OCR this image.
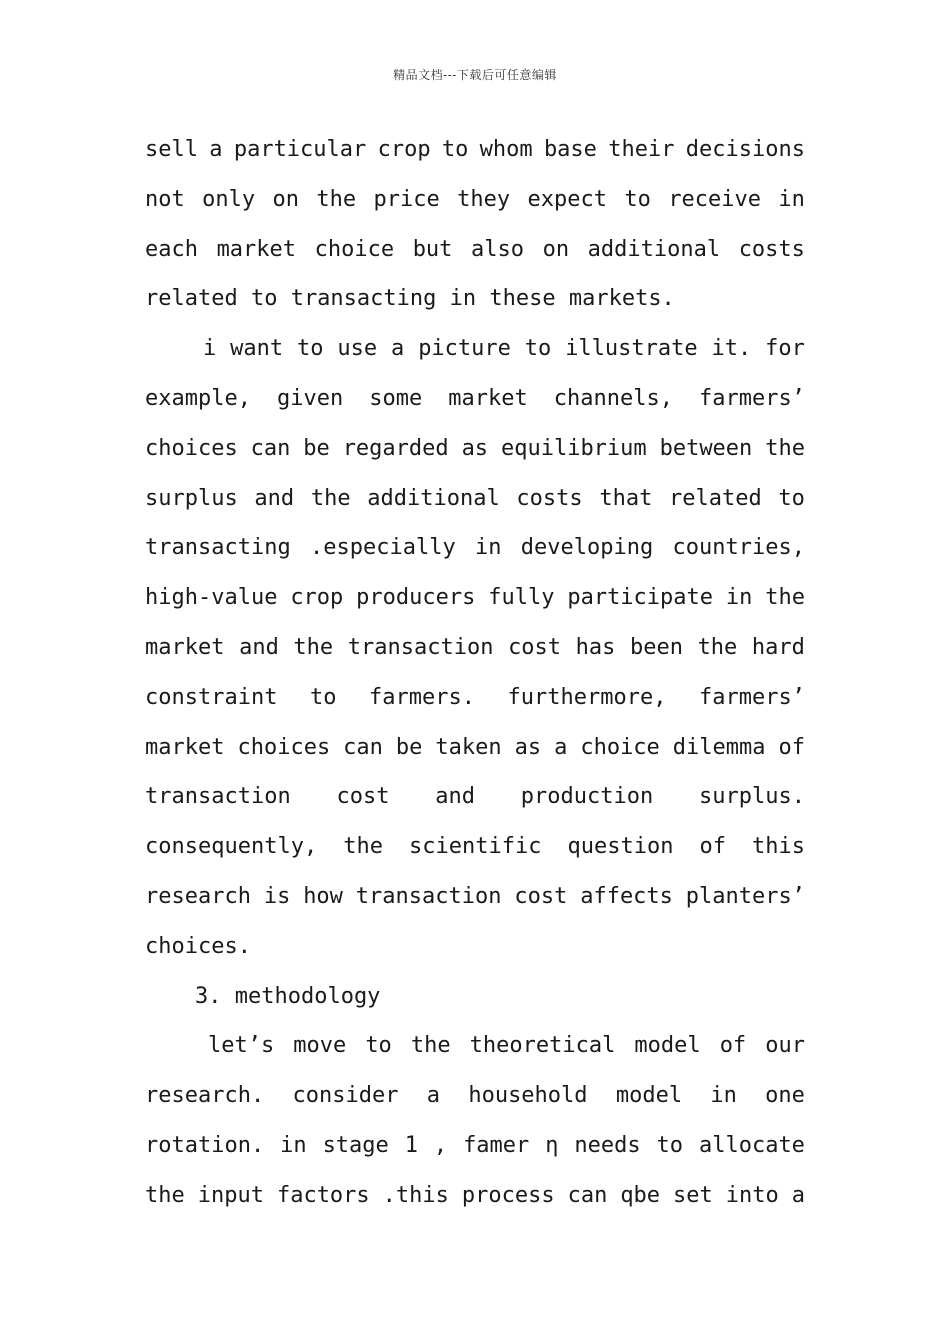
精品文档---下载后可任意编辑
sell a particular crop to whom base their decisions
not only on the price they expect to receive in
each market choice but also on additional costs
related to transacting in these markets.
i want to use a picture to illustrate it. for
example, given some market channels, farmers’
choices can be regarded as equilibrium between the
surplus and the additional costs that related to
transacting .especially in developing countries,
high-value crop producers fully participate in the
market and the transaction cost has been the hard
constraint to farmers. furthermore, farmers’
market choices can be taken as a choice dilemma of
transaction cost and production surplus.
consequently, the scientific question of this
research is how transaction cost affects planters’
choices.
3. methodology
let’s move to the theoretical model of our
research. consider a household model in one
rotation. in stage 1 , famer η needs to allocate
the input factors .this process can qbe set into a
